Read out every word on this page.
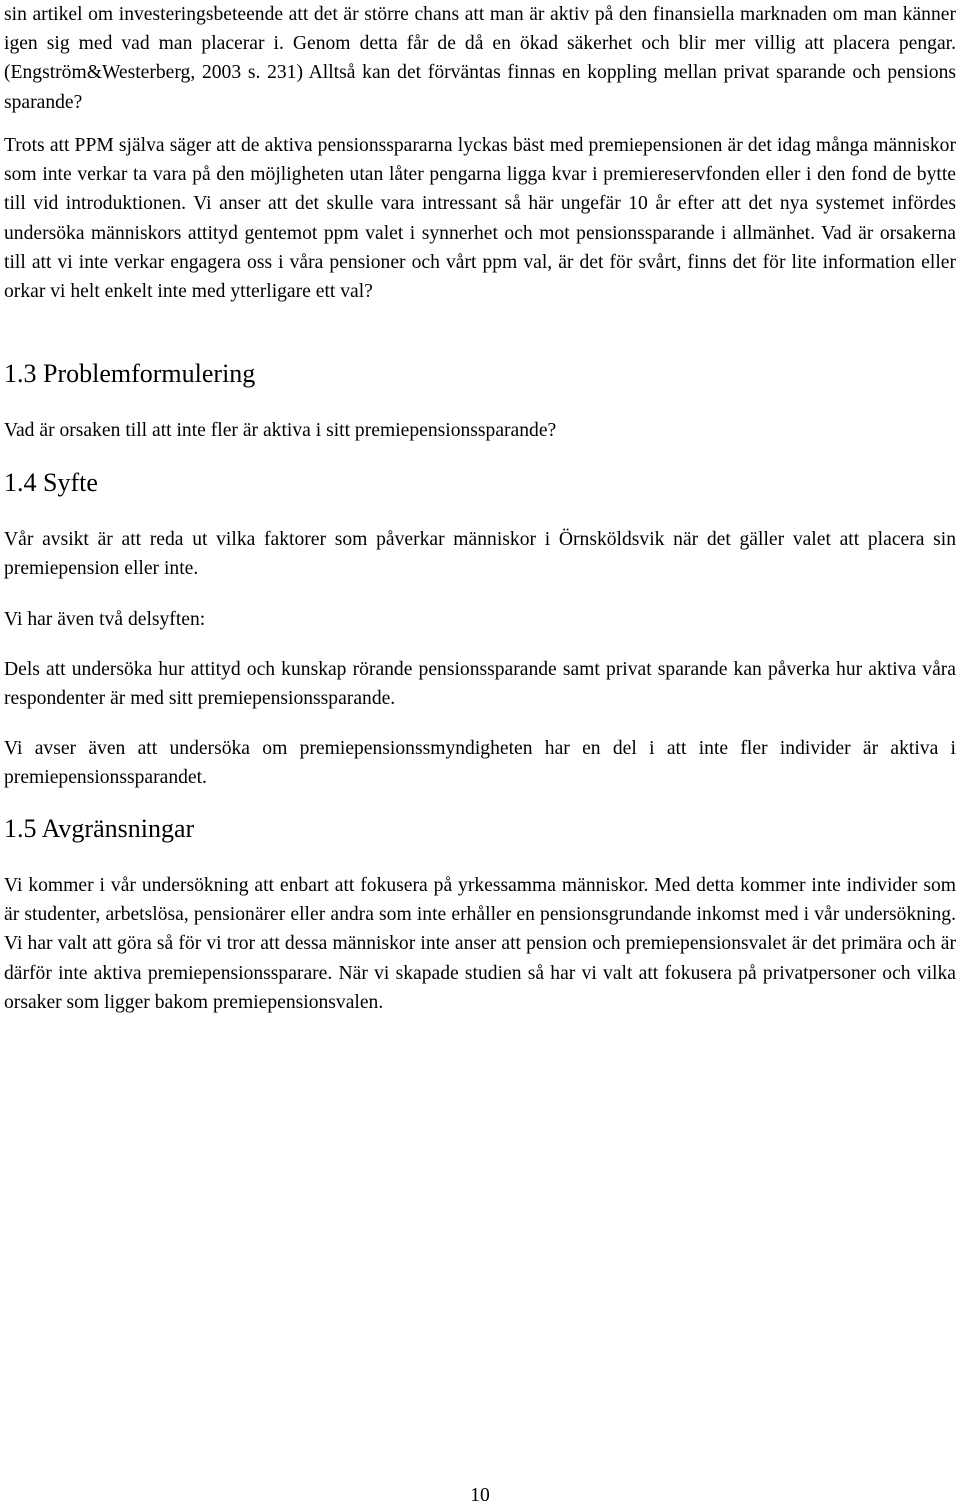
sin artikel om investeringsbeteende att det är större chans att man är aktiv på den finansiella marknaden om man känner igen sig med vad man placerar i. Genom detta får de då en ökad säkerhet och blir mer villig att placera pengar. (Engström&Westerberg, 2003 s. 231) Alltså kan det förväntas finnas en koppling mellan privat sparande och pensions sparande?

Trots att PPM själva säger att de aktiva pensionsspararna lyckas bäst med premiepensionen är det idag många människor som inte verkar ta vara på den möjligheten utan låter pengarna ligga kvar i premiereservfonden eller i den fond de bytte till vid introduktionen. Vi anser att det skulle vara intressant så här ungefär 10 år efter att det nya systemet infördes undersöka människors attityd gentemot ppm valet i synnerhet och mot pensionssparande i allmänhet. Vad är orsakerna till att vi inte verkar engagera oss i våra pensioner och vårt ppm val, är det för svårt, finns det för lite information eller orkar vi helt enkelt inte med ytterligare ett val?

1.3 Problemformulering

Vad är orsaken till att inte fler är aktiva i sitt premiepensionssparande?

1.4 Syfte

Vår avsikt är att reda ut vilka faktorer som påverkar människor i Örnsköldsvik när det gäller valet att placera sin premiepension eller inte.

Vi har även två delsyften:

Dels att undersöka hur attityd och kunskap rörande pensionssparande samt privat sparande kan påverka hur aktiva våra respondenter är med sitt premiepensionssparande.

Vi avser även att undersöka om premiepensionssmyndigheten har en del i att inte fler individer är aktiva i premiepensionssparandet.

1.5 Avgränsningar

Vi kommer i vår undersökning att enbart att fokusera på yrkessamma människor. Med detta kommer inte individer som är studenter, arbetslösa, pensionärer eller andra som inte erhåller en pensionsgrundande inkomst med i vår undersökning. Vi har valt att göra så för vi tror att dessa människor inte anser att pension och premiepensionsvalet är det primära och är därför inte aktiva premiepensionssparare. När vi skapade studien så har vi valt att fokusera på privatpersoner och vilka orsaker som ligger bakom premiepensionsvalen.

10
